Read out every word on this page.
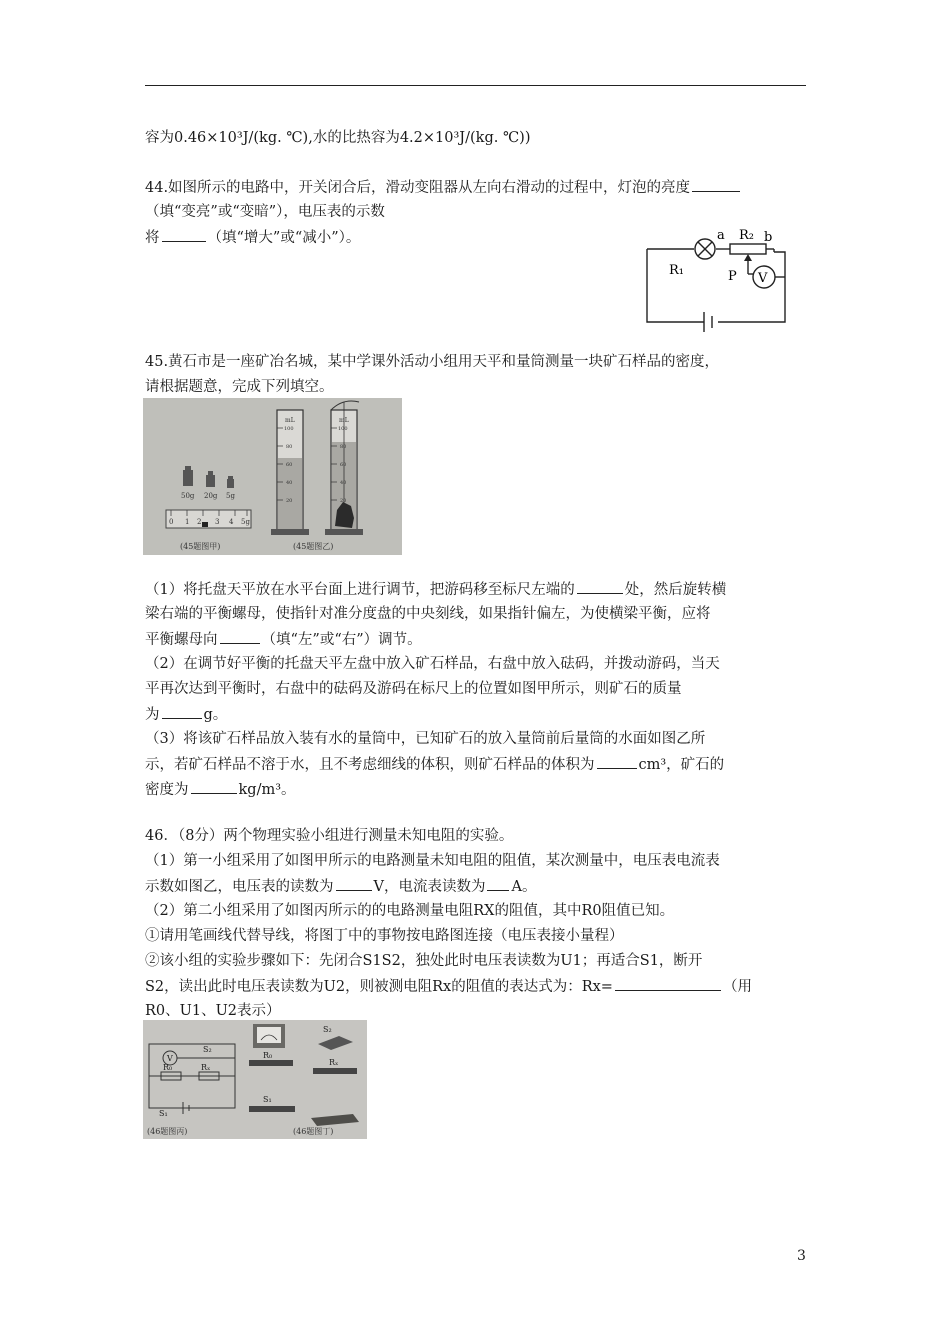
容为0.46×10³J/(kg. ℃),水的比热容为4.2×10³J/(kg. ℃))
44.如图所示的电路中，开关闭合后，滑动变阻器从左向右滑动的过程中，灯泡的亮度
（填“变亮”或“变暗”），电压表的示数
将	（填“增大”或“减小”）。	a R₂ b
R₁	P V
45.黄石市是一座矿冶名城，某中学课外活动小组用天平和量筒测量一块矿石样品的密度，
请根据题意，完成下列填空。
50g 20g 5g
0 1 2 3 4 5g
mL
100
80
60
40
20
mL
100
80
60
40
20
(45题图甲)	(45题图乙)
（1）将托盘天平放在水平台面上进行调节，把游码移至标尺左端的	处，然后旋转横
梁右端的平衡螺母，使指针对准分度盘的中央刻线，如果指针偏左，为使横梁平衡，应将
平衡螺母向	（填“左”或“右”）调节。
（2）在调节好平衡的托盘天平左盘中放入矿石样品，右盘中放入砝码，并拨动游码，当天
平再次达到平衡时，右盘中的砝码及游码在标尺上的位置如图甲所示，则矿石的质量
为	g。
（3）将该矿石样品放入装有水的量筒中，已知矿石的放入量筒前后量筒的水面如图乙所
示，若矿石样品不溶于水，且不考虑细线的体积，则矿石样品的体积为	cm³，矿石的
密度为	kg/m³。
46．（8分）两个物理实验小组进行测量未知电阻的实验。
（1）第一小组采用了如图甲所示的电路测量未知电阻的阻值，某次测量中，电压表电流表
示数如图乙，电压表的读数为	V，电流表读数为 A。
（2）第二小组采用了如图丙所示的的电路测量电阻RX的阻值，其中R0阻值已知。
①请用笔画线代替导线，将图丁中的事物按电路图连接（电压表接小量程）
②该小组的实验步骤如下：先闭合S1S2，独处此时电压表读数为U1；再适合S1，断开
S2，读出此时电压表读数为U2，则被测电阻Rx的阻值的表达式为：Rx=	（用
R0、U1、U2表示）
V
S₂
R₀	Rₓ
S₁
S₂
R₀
Rₓ
S₁
(46题图丙)	(46题图丁)
3
